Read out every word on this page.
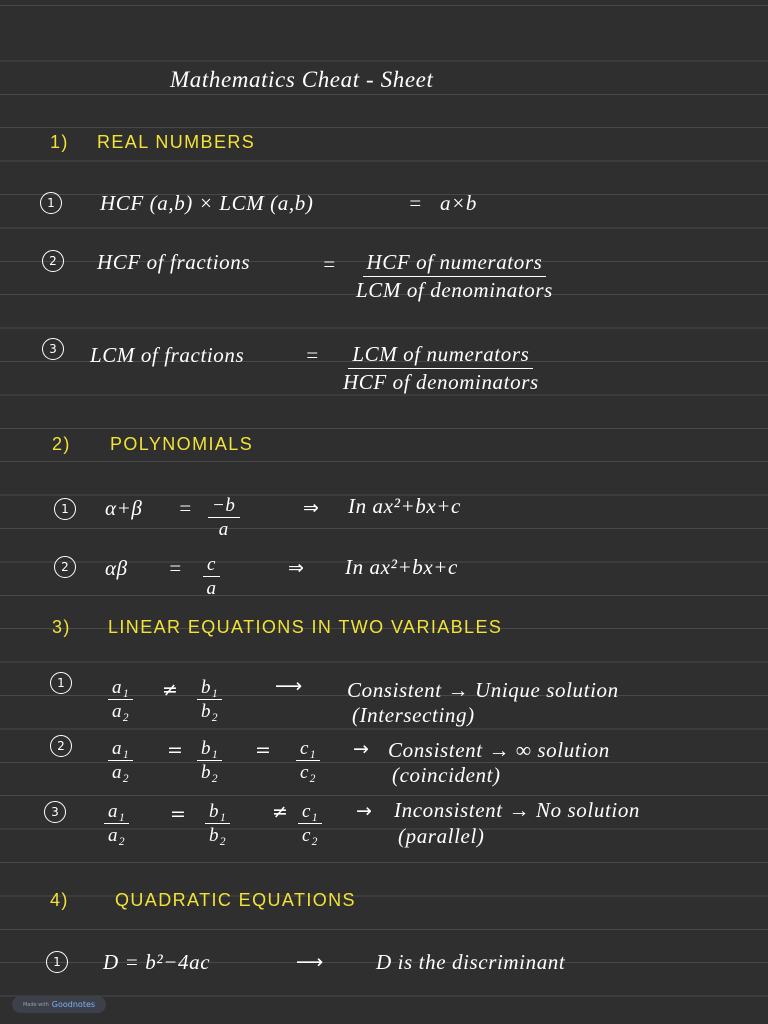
Mathematics Cheat - Sheet
1) REAL NUMBERS
1	HCF (a,b) × LCM (a,b)	= a×b
2	HCF of fractions	= HCF of numerators
LCM of denominators
3	LCM of fractions	= LCM of numerators
HCF of denominators
2) POLYNOMIALS
1	$\alpha+\beta = \frac{-b}{a}$	⇒ In ax²+bx+c
2	$\alpha\beta = \frac{c}{a}$	⇒ In ax²+bx+c
3) LINEAR EQUATIONS IN TWO VARIABLES
1	$\frac{\text{a₁}}{\text{a₂}} \ne \frac{\text{b₁}}{\text{b₂}}$	⟶ Consistent → Unique solution
(Intersecting)
2	$\frac{\text{a₁}}{\text{a₂}} = \frac{\text{b₁}}{\text{b₂}} = \frac{\text{c₁}}{\text{c₂}}$ → Consistent → ∞ solution
(coincident)
3	$\frac{\text{a₁}}{\text{a₂}} = \frac{\text{b₁}}{\text{b₂}} \ne \frac{\text{c₁}}{\text{c₂}}$ → Inconsistent → No solution
(parallel)
4)	QUADRATIC EQUATIONS
1	D = b²−4ac	⟶ D is the discriminant
Made with Goodnotes
